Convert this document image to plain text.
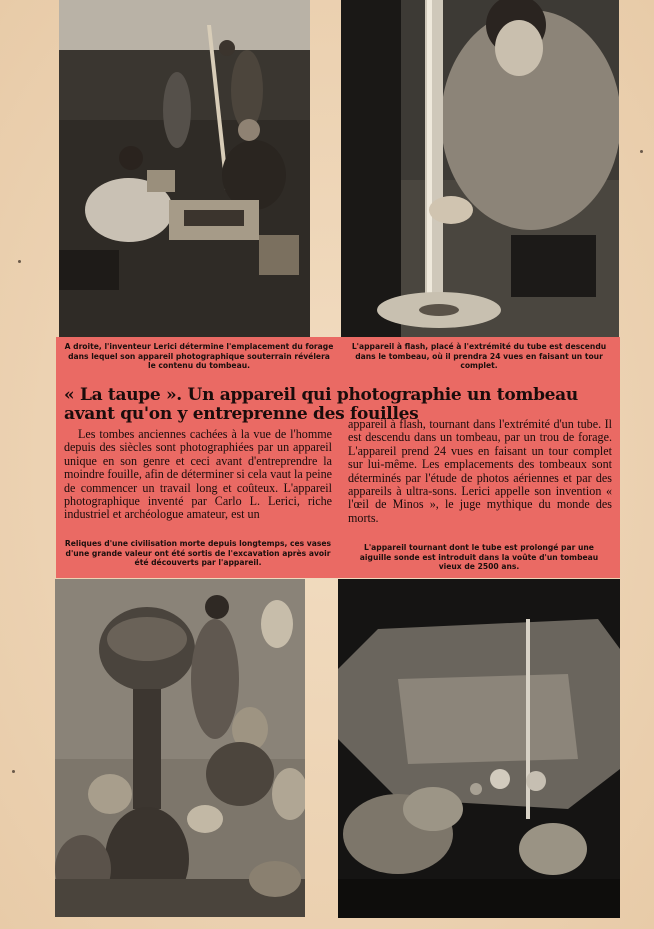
A droite, l'inventeur Lerici détermine l'emplacement du forage dans lequel son appareil photographique souterrain révélera le contenu du tombeau.
L'appareil à flash, placé à l'extrémité du tube est descendu dans le tombeau, où il prendra 24 vues en faisant un tour complet.
« La taupe ». Un appareil qui photographie un tombeau avant qu'on y entreprenne des fouilles

Les tombes anciennes cachées à la vue de l'homme depuis des siècles sont photographiées par un appareil unique en son genre et ceci avant d'entreprendre la moindre fouille, afin de déterminer si cela vaut la peine de commencer un travail long et coûteux. L'appareil photographique inventé par Carlo L. Lerici, riche industriel et archéologue amateur, est un

appareil à flash, tournant dans l'extrémité d'un tube. Il est descendu dans un tombeau, par un trou de forage. L'appareil prend 24 vues en faisant un tour complet sur lui-même. Les emplacements des tombeaux sont déterminés par l'étude de photos aériennes et par des appareils à ultra-sons. Lerici appelle son invention « l'œil de Minos », le juge mythique du monde des morts.

Reliques d'une civilisation morte depuis longtemps, ces vases d'une grande valeur ont été sortis de l'excavation après avoir été découverts par l'appareil.
L'appareil tournant dont le tube est prolongé par une aiguille sonde est introduit dans la voûte d'un tombeau vieux de 2500 ans.
